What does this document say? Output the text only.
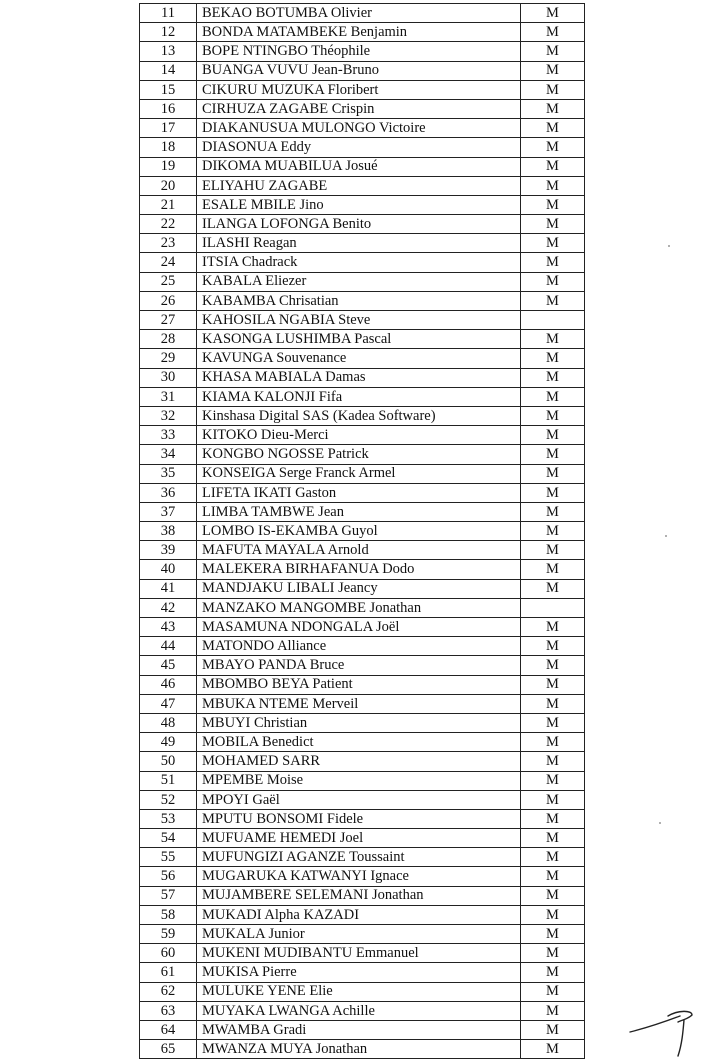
11	BEKAO BOTUMBA Olivier	M
12	BONDA MATAMBEKE Benjamin	M
13	BOPE NTINGBO Théophile	M
14	BUANGA VUVU Jean-Bruno	M
15	CIKURU MUZUKA Floribert	M
16	CIRHUZA ZAGABE Crispin	M
17	DIAKANUSUA MULONGO Victoire	M
18	DIASONUA Eddy	M
19	DIKOMA MUABILUA Josué	M
20	ELIYAHU ZAGABE	M
21	ESALE MBILE Jino	M
22	ILANGA LOFONGA Benito	M
23	ILASHI Reagan	M
24	ITSIA Chadrack	M
25	KABALA Eliezer	M
26	KABAMBA Chrisatian	M
27	KAHOSILA NGABIA Steve	
28	KASONGA LUSHIMBA Pascal	M
29	KAVUNGA Souvenance	M
30	KHASA MABIALA Damas	M
31	KIAMA KALONJI Fifa	M
32	Kinshasa Digital SAS (Kadea Software)	M
33	KITOKO Dieu-Merci	M
34	KONGBO NGOSSE Patrick	M
35	KONSEIGA Serge Franck Armel	M
36	LIFETA IKATI Gaston	M
37	LIMBA TAMBWE Jean	M
38	LOMBO IS-EKAMBA Guyol	M
39	MAFUTA MAYALA Arnold	M
40	MALEKERA BIRHAFANUA Dodo	M
41	MANDJAKU LIBALI Jeancy	M
42	MANZAKO MANGOMBE Jonathan	
43	MASAMUNA NDONGALA Joël	M
44	MATONDO Alliance	M
45	MBAYO PANDA Bruce	M
46	MBOMBO BEYA Patient	M
47	MBUKA NTEME Merveil	M
48	MBUYI Christian	M
49	MOBILA Benedict	M
50	MOHAMED SARR	M
51	MPEMBE Moise	M
52	MPOYI Gaël	M
53	MPUTU BONSOMI Fidele	M
54	MUFUAME HEMEDI Joel	M
55	MUFUNGIZI AGANZE Toussaint	M
56	MUGARUKA KATWANYI Ignace	M
57	MUJAMBERE SELEMANI Jonathan	M
58	MUKADI Alpha KAZADI	M
59	MUKALA Junior	M
60	MUKENI MUDIBANTU Emmanuel	M
61	MUKISA Pierre	M
62	MULUKE YENE Elie	M
63	MUYAKA LWANGA Achille	M
64	MWAMBA Gradi	M
65	MWANZA MUYA Jonathan	M
